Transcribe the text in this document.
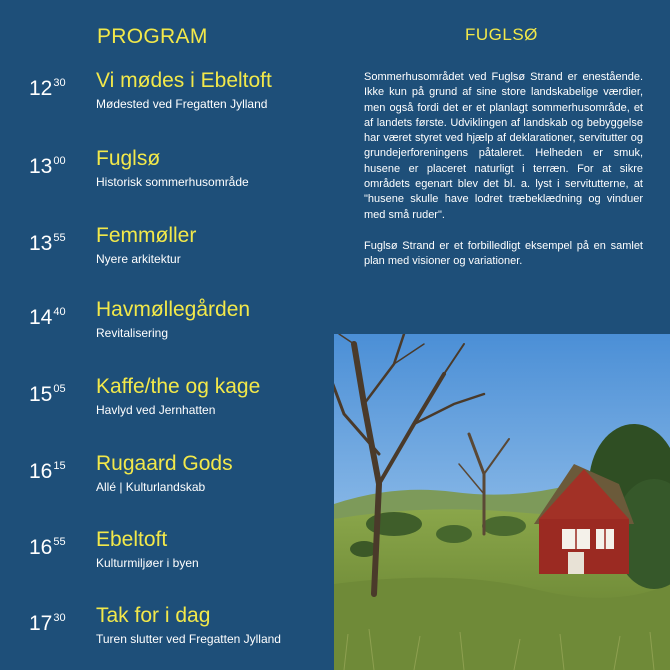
PROGRAM
$12^{30}$ Vi mødes i Ebeltoft
Mødested ved Fregatten Jylland
$13^{00}$ Fuglsø
Historisk sommerhusområde
$13^{55}$ Femmøller
Nyere arkitektur
$14^{40}$ Havmøllegården
Revitalisering
$15^{05}$ Kaffe/the og kage
Havlyd ved Jernhatten
$16^{15}$ Rugaard Gods
Allé | Kulturlandskab
$16^{55}$ Ebeltoft
Kulturmiljøer i byen
$17^{30}$ Tak for i dag
Turen slutter ved Fregatten Jylland
FUGLSØ

Sommerhusområdet ved Fuglsø Strand er enestående. Ikke kun på grund af sine store landskabelige værdier, men også fordi det er et planlagt sommerhusområde, et af landets første. Udviklingen af landskab og bebyggelse har været styret ved hjælp af deklarationer, servitutter og grundejerforeningens påtaleret. Helheden er smuk, husene er placeret naturligt i terræn. For at sikre områdets egenart blev det bl. a. lyst i servitutterne, at "husene skulle have lodret træbeklædning og vinduer med små ruder".

Fuglsø Strand er et forbilledligt eksempel på en samlet plan med visioner og variationer.
